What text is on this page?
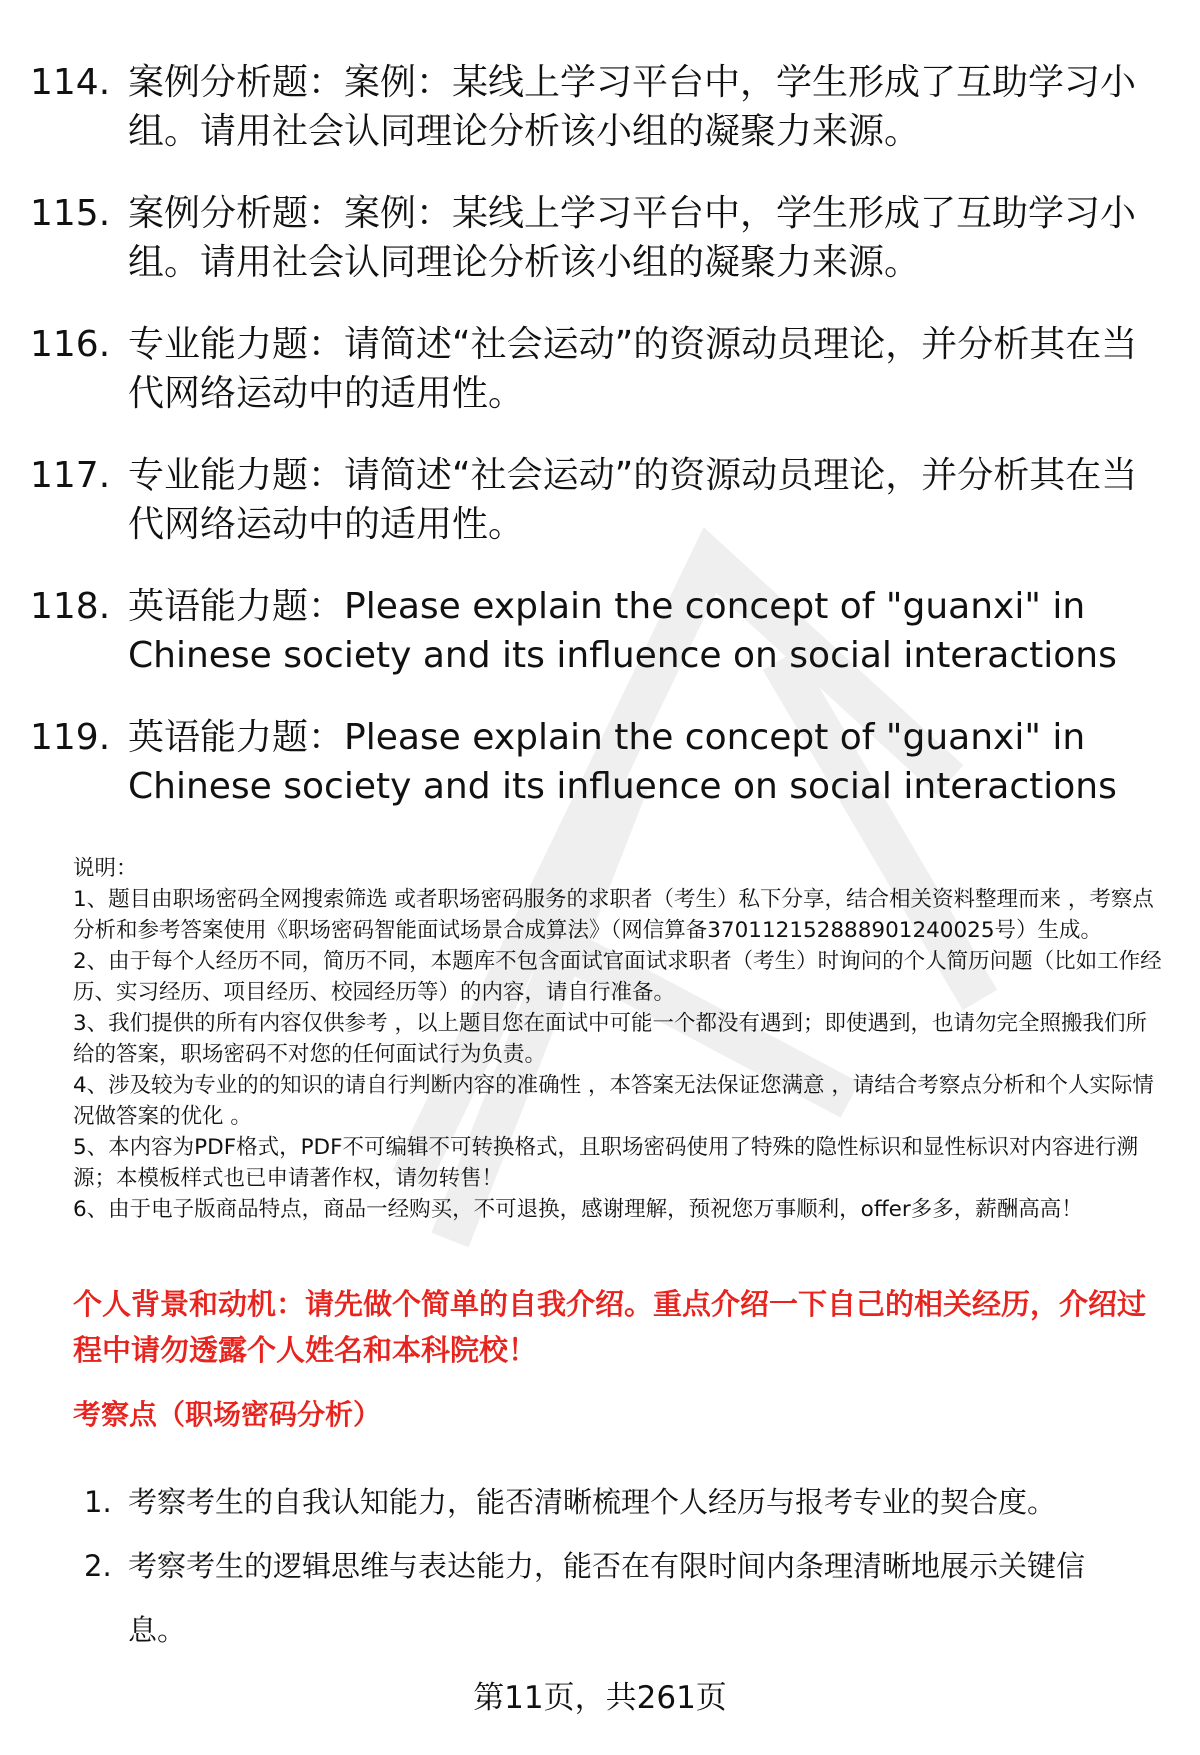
114. 案例分析题：案例：某线上学习平台中，学生形成了互助学习小组。请用社会认同理论分析该小组的凝聚力来源。
115. 案例分析题：案例：某线上学习平台中，学生形成了互助学习小组。请用社会认同理论分析该小组的凝聚力来源。
116. 专业能力题：请简述“社会运动”的资源动员理论，并分析其在当代网络运动中的适用性。
117. 专业能力题：请简述“社会运动”的资源动员理论，并分析其在当代网络运动中的适用性。
118. 英语能力题：Please explain the concept of "guanxi" in Chinese society and its influence on social interactions
119. 英语能力题：Please explain the concept of "guanxi" in Chinese society and its influence on social interactions
说明：
1、题目由职场密码全网搜索筛选 或者职场密码服务的求职者（考生）私下分享，结合相关资料整理而来 ，考察点分析和参考答案使用《职场密码智能面试场景合成算法》（网信算备370112152888901240025号）生成。
2、由于每个人经历不同，简历不同，本题库不包含面试官面试求职者（考生）时询问的个人简历问题（比如工作经历、实习经历、项目经历、校园经历等）的内容，请自行准备。
3、我们提供的所有内容仅供参考 ，以上题目您在面试中可能一个都没有遇到；即使遇到，也请勿完全照搬我们所给的答案，职场密码不对您的任何面试行为负责。
4、涉及较为专业的的知识的请自行判断内容的准确性 ，本答案无法保证您满意 ，请结合考察点分析和个人实际情况做答案的优化 。
5、本内容为PDF格式，PDF不可编辑不可转换格式，且职场密码使用了特殊的隐性标识和显性标识对内容进行溯源；本模板样式也已申请著作权，请勿转售！
6、由于电子版商品特点，商品一经购买，不可退换，感谢理解，预祝您万事顺利，offer多多，薪酬高高！
个人背景和动机：请先做个简单的自我介绍。重点介绍一下自己的相关经历，介绍过程中请勿透露个人姓名和本科院校！
考察点（职场密码分析）
1. 考察考生的自我认知能力，能否清晰梳理个人经历与报考专业的契合度。
2. 考察考生的逻辑思维与表达能力，能否在有限时间内条理清晰地展示关键信息。
第11页，共261页
